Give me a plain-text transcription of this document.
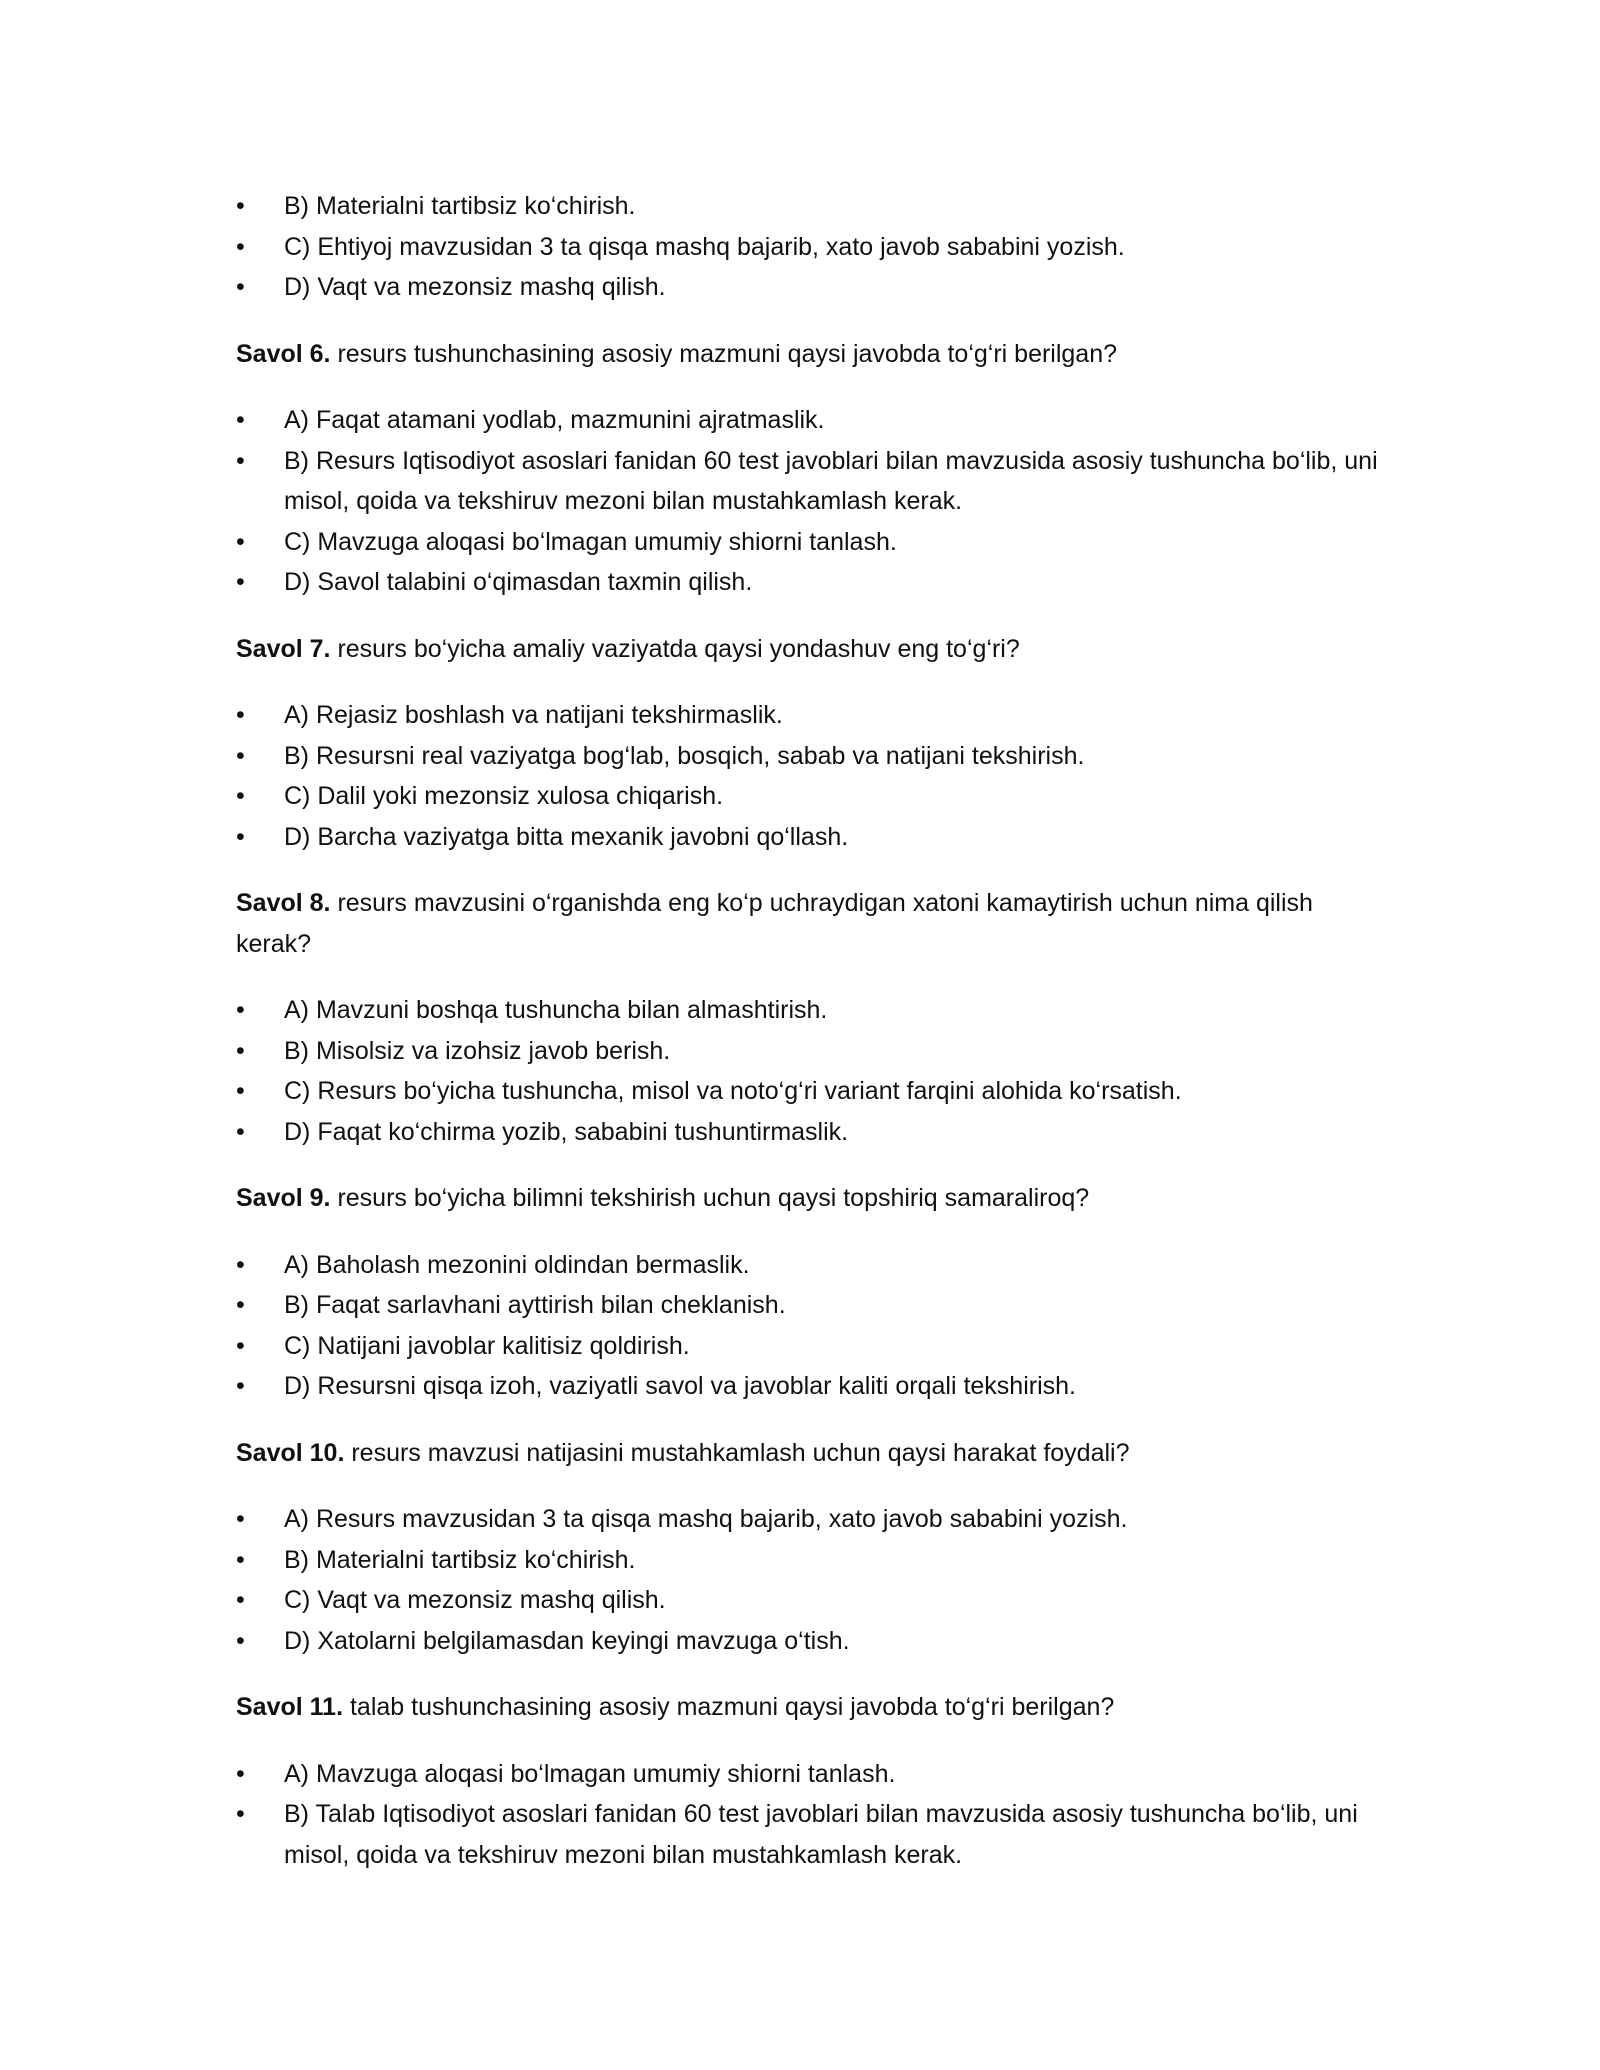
•	B) Materialni tartibsiz ko‘chirish.
•	C) Ehtiyoj mavzusidan 3 ta qisqa mashq bajarib, xato javob sababini yozish.
•	D) Vaqt va mezonsiz mashq qilish.

Savol 6. resurs tushunchasining asosiy mazmuni qaysi javobda to‘g‘ri berilgan?

•	A) Faqat atamani yodlab, mazmunini ajratmaslik.
•	B) Resurs Iqtisodiyot asoslari fanidan 60 test javoblari bilan mavzusida asosiy tushuncha bo‘lib, uni misol, qoida va tekshiruv mezoni bilan mustahkamlash kerak.
•	C) Mavzuga aloqasi bo‘lmagan umumiy shiorni tanlash.
•	D) Savol talabini o‘qimasdan taxmin qilish.

Savol 7. resurs bo‘yicha amaliy vaziyatda qaysi yondashuv eng to‘g‘ri?

•	A) Rejasiz boshlash va natijani tekshirmaslik.
•	B) Resursni real vaziyatga bog‘lab, bosqich, sabab va natijani tekshirish.
•	C) Dalil yoki mezonsiz xulosa chiqarish.
•	D) Barcha vaziyatga bitta mexanik javobni qo‘llash.

Savol 8. resurs mavzusini o‘rganishda eng ko‘p uchraydigan xatoni kamaytirish uchun nima qilish kerak?

•	A) Mavzuni boshqa tushuncha bilan almashtirish.
•	B) Misolsiz va izohsiz javob berish.
•	C) Resurs bo‘yicha tushuncha, misol va noto‘g‘ri variant farqini alohida ko‘rsatish.
•	D) Faqat ko‘chirma yozib, sababini tushuntirmaslik.

Savol 9. resurs bo‘yicha bilimni tekshirish uchun qaysi topshiriq samaraliroq?

•	A) Baholash mezonini oldindan bermaslik.
•	B) Faqat sarlavhani ayttirish bilan cheklanish.
•	C) Natijani javoblar kalitisiz qoldirish.
•	D) Resursni qisqa izoh, vaziyatli savol va javoblar kaliti orqali tekshirish.

Savol 10. resurs mavzusi natijasini mustahkamlash uchun qaysi harakat foydali?

•	A) Resurs mavzusidan 3 ta qisqa mashq bajarib, xato javob sababini yozish.
•	B) Materialni tartibsiz ko‘chirish.
•	C) Vaqt va mezonsiz mashq qilish.
•	D) Xatolarni belgilamasdan keyingi mavzuga o‘tish.

Savol 11. talab tushunchasining asosiy mazmuni qaysi javobda to‘g‘ri berilgan?

•	A) Mavzuga aloqasi bo‘lmagan umumiy shiorni tanlash.
•	B) Talab Iqtisodiyot asoslari fanidan 60 test javoblari bilan mavzusida asosiy tushuncha bo‘lib, uni misol, qoida va tekshiruv mezoni bilan mustahkamlash kerak.
